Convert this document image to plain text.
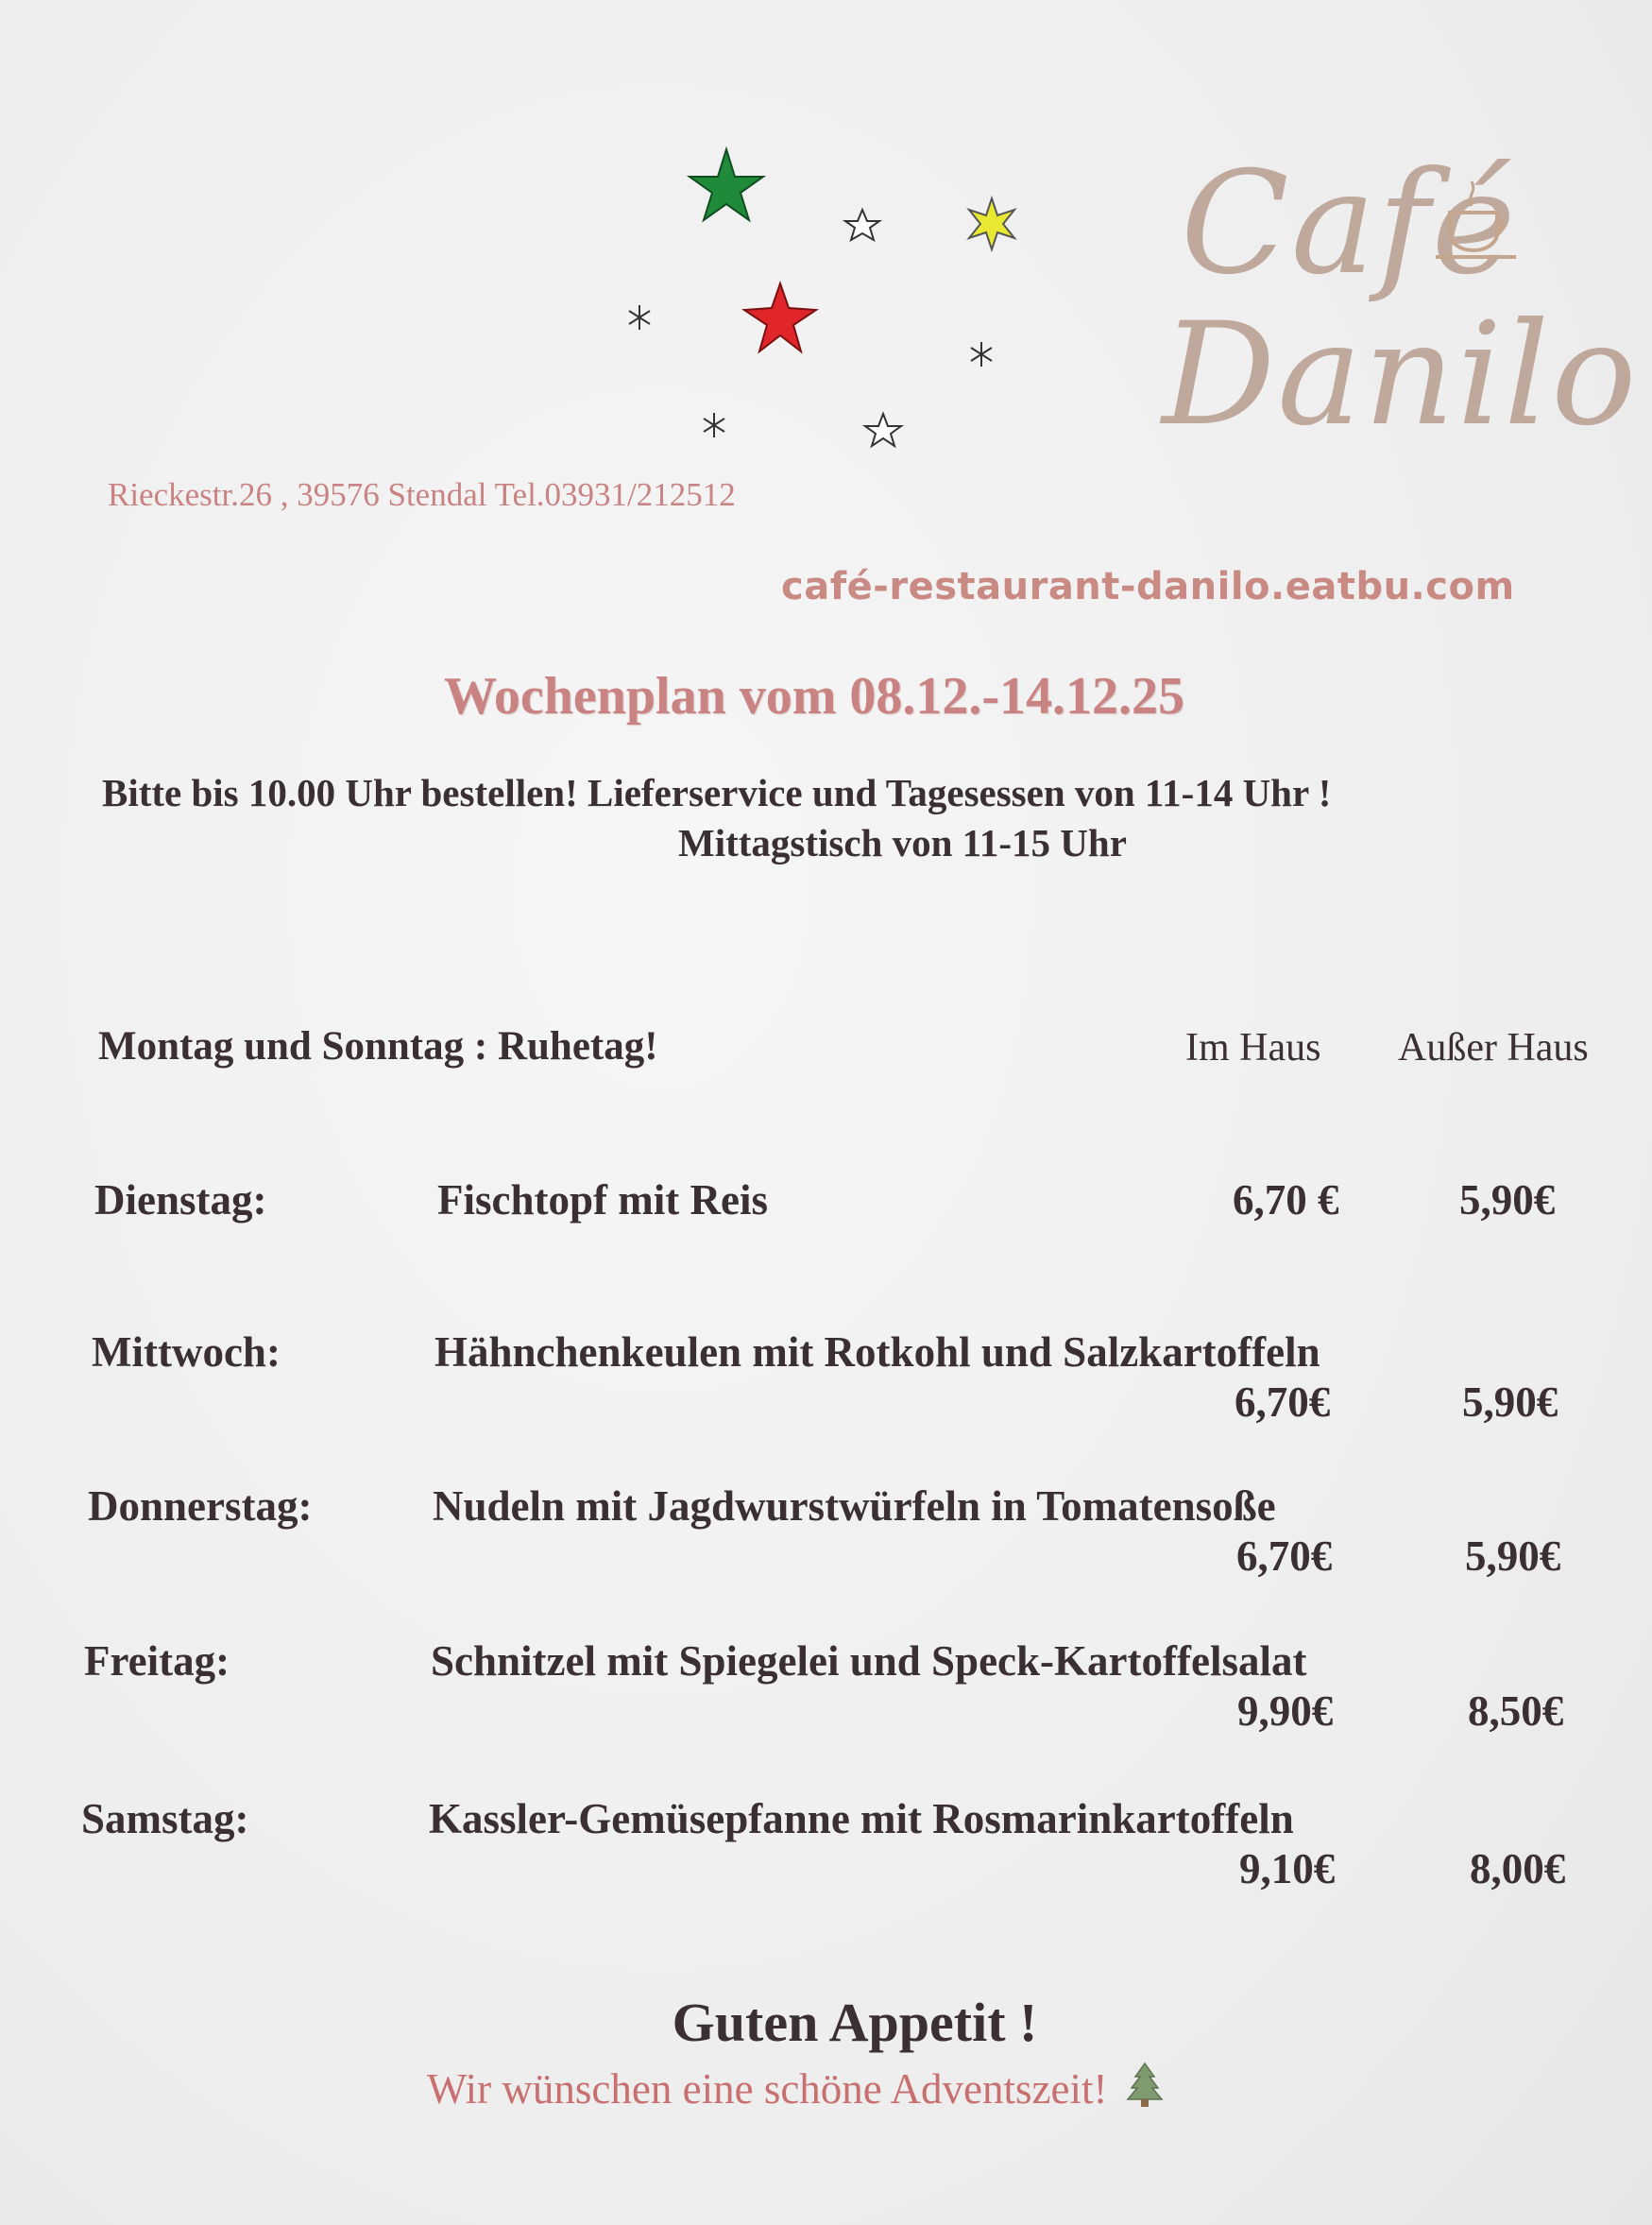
Café
Danilo
Rieckestr.26 , 39576 Stendal Tel.03931/212512
café-restaurant-danilo.eatbu.com
Wochenplan vom 08.12.-14.12.25
Bitte bis 10.00 Uhr bestellen! Lieferservice und Tagesessen von 11-14 Uhr !
Mittagstisch von 11-15 Uhr
Montag und Sonntag : Ruhetag!	Im Haus Außer Haus
Dienstag:	Fischtopf mit Reis	6,70 €	5,90€
Mittwoch:	Hähnchenkeulen mit Rotkohl und Salzkartoffeln
6,70€	5,90€
Donnerstag:	Nudeln mit Jagdwurstwürfeln in Tomatensoße
6,70€	5,90€
Freitag:	Schnitzel mit Spiegelei und Speck-Kartoffelsalat
9,90€	8,50€
Samstag:	Kassler-Gemüsepfanne mit Rosmarinkartoffeln
9,10€	8,00€
Guten Appetit !
Wir wünschen eine schöne Adventszeit!
